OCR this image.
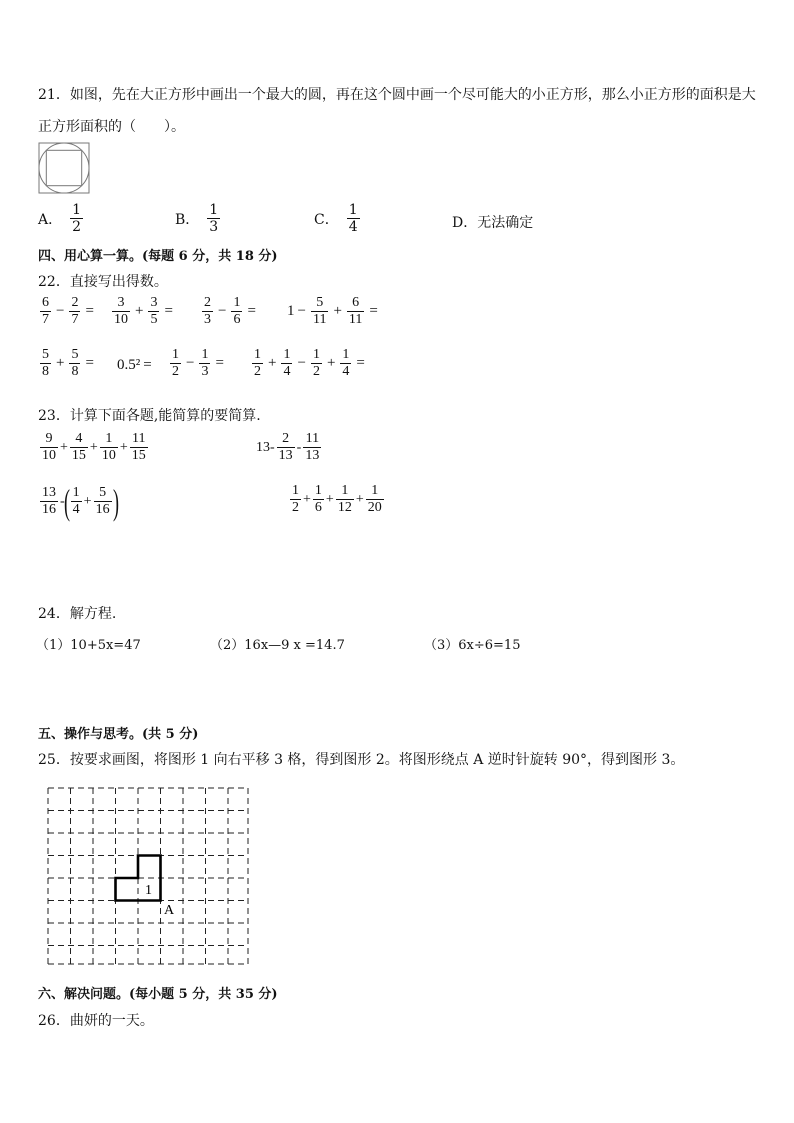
21．如图，先在大正方形中画出一个最大的圆，再在这个圆中画一个尽可能大的小正方形，那么小正方形的面积是大
正方形面积的（　　）。
A． $\frac{1}{2}$	B． $\frac{1}{3}$	C． $\frac{1}{4}$	D． 无法确定
四、用心算一算。(每题 6 分，共 18 分)
22．直接写出得数。
$\frac{6}{7} - \frac{2}{7} = \frac{3}{10} + \frac{3}{5} = \frac{2}{3} - \frac{1}{6} = 1 - \frac{5}{11} + \frac{6}{11}$ =
$\frac{5}{8} + \frac{5}{8} = 0.5^2 = \frac{1}{2} - \frac{1}{3} = \frac{1}{2} + \frac{1}{4} - \frac{1}{2} + \frac{1}{4}$ =
23．计算下面各题,能简算的要简算.
$\frac{9}{10} + \frac{4}{15} + \frac{1}{10} + \frac{11}{15}$	$13- \frac{2}{13} - \frac{11}{13}$
$\frac{13}{16}$ - ( $\frac{1}{4} + \frac{5}{16}$ )	$\frac{1}{2} + \frac{1}{6} + \frac{1}{12} + \frac{1}{20}$
24．解方程.
（1）10+5x=47	（2）16x—9 x =14.7	（3）6x÷6=15
五、操作与思考。(共 5 分)
25．按要求画图，将图形 1 向右平移 3 格，得到图形 2。将图形绕点 A 逆时针旋转 90°，得到图形 3。
1
A
六、解决问题。(每小题 5 分，共 35 分)
26．曲妍的一天。
